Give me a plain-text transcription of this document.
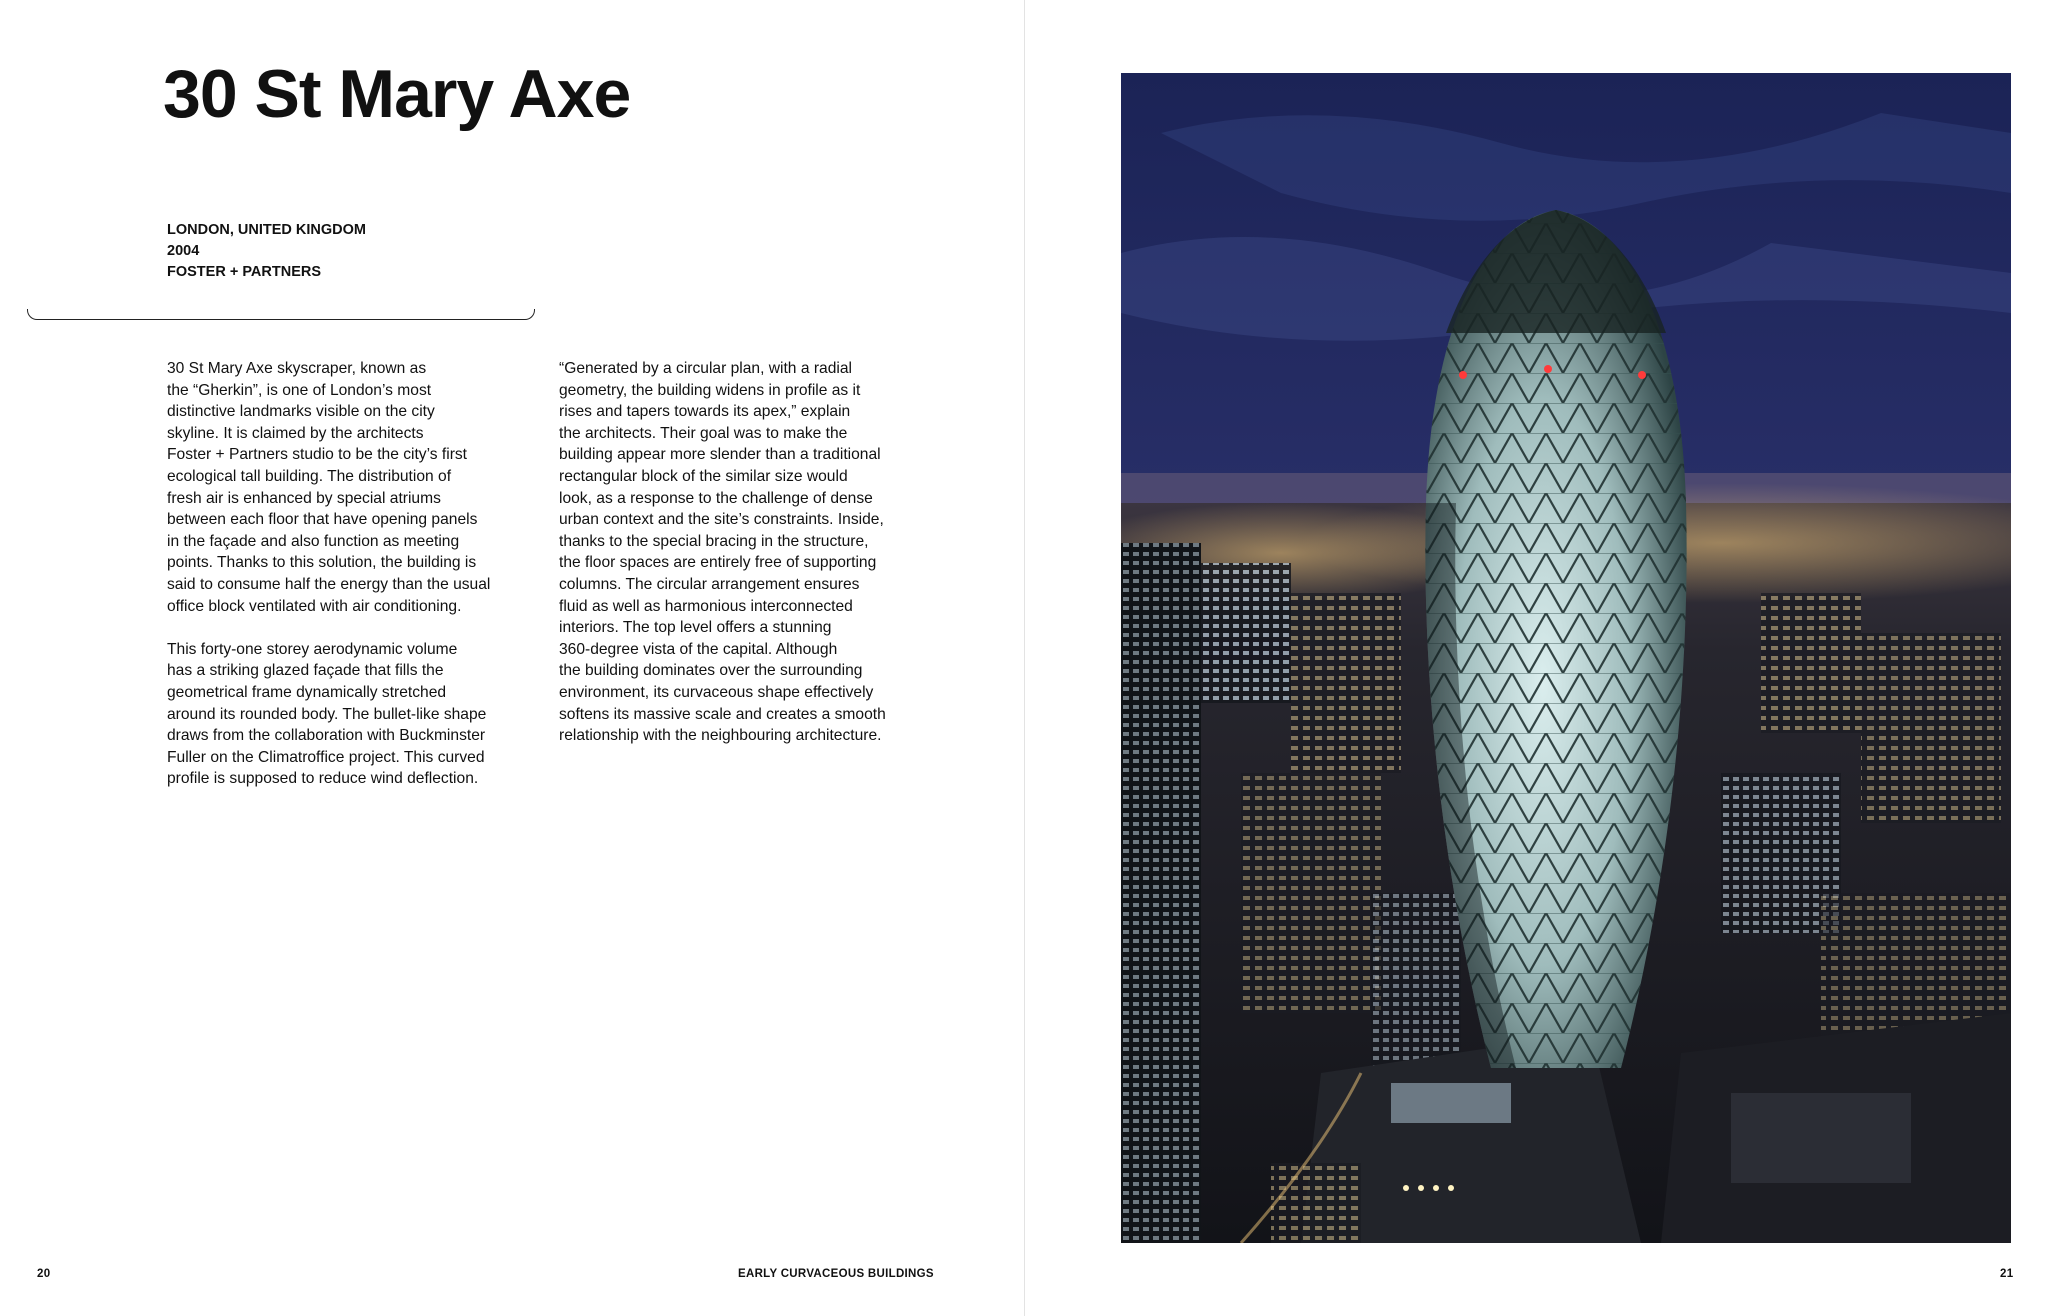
30 St Mary Axe
LONDON, UNITED KINGDOM
2004
FOSTER + PARTNERS

30 St Mary Axe skyscraper, known as
the “Gherkin”, is one of London’s most
distinctive landmarks visible on the city
skyline. It is claimed by the architects
Foster + Partners studio to be the city’s first
ecological tall building. The distribution of
fresh air is enhanced by special atriums
between each floor that have opening panels
in the façade and also function as meeting
points. Thanks to this solution, the building is
said to consume half the energy than the usual
office block ventilated with air conditioning.

This forty-one storey aerodynamic volume
has a striking glazed façade that fills the
geometrical frame dynamically stretched
around its rounded body. The bullet-like shape
draws from the collaboration with Buckminster
Fuller on the Climatroffice project. This curved
profile is supposed to reduce wind deflection.

“Generated by a circular plan, with a radial
geometry, the building widens in profile as it
rises and tapers towards its apex,” explain
the architects. Their goal was to make the
building appear more slender than a traditional
rectangular block of the similar size would
look, as a response to the challenge of dense
urban context and the site’s constraints. Inside,
thanks to the special bracing in the structure,
the floor spaces are entirely free of supporting
columns. The circular arrangement ensures
fluid as well as harmonious interconnected
interiors. The top level offers a stunning
360-degree vista of the capital. Although
the building dominates over the surrounding
environment, its curvaceous shape effectively
softens its massive scale and creates a smooth
relationship with the neighbouring architecture.

20	EARLY CURVACEOUS BUILDINGS	21
